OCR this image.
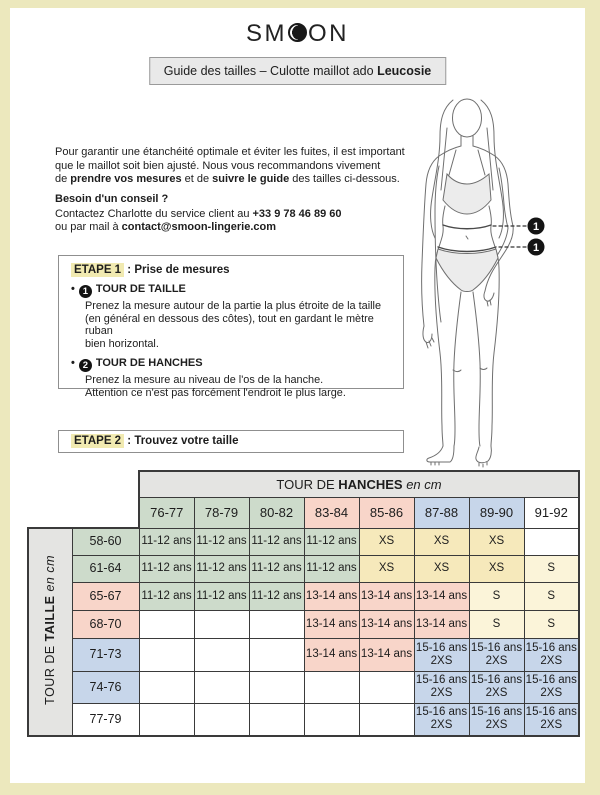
SM ON
Guide des tailles – Culotte maillot ado Leucosie
Pour garantir une étanchéité optimale et éviter les fuites, il est important
que le maillot soit bien ajusté. Nous vous recommandons vivement
de prendre vos mesures et de suivre le guide des tailles ci-dessous.
Besoin d'un conseil ?
Contactez Charlotte du service client au +33 9 78 46 89 60
ou par mail à contact@smoon-lingerie.com	1
1
ETAPE 1 : Prise de mesures
• 1 TOUR DE TAILLE
Prenez la mesure autour de la partie la plus étroite de la taille
(en général en dessous des côtes), tout en gardant le mètre ruban
bien horizontal.
• 2 TOUR DE HANCHES
Prenez la mesure au niveau de l'os de la hanche.
Attention ce n'est pas forcément l'endroit le plus large.
ETAPE 2 : Trouvez votre taille
		TOUR DE HANCHES en cm							
		76-77	78-79	80-82	83-84	85-86	87-88	89-90	91-92
TOUR DE TAILLE en cm	58-60	11-12 ans	11-12 ans	11-12 ans	11-12 ans	XS	XS	XS	
	61-64	11-12 ans	11-12 ans	11-12 ans	11-12 ans	XS	XS	XS	S
	65-67	11-12 ans	11-12 ans	11-12 ans	13-14 ans	13-14 ans	13-14 ans	S	S
	68-70				13-14 ans	13-14 ans	13-14 ans	S	S
	71-73				13-14 ans	13-14 ans	15-16 ans 2XS	15-16 ans 2XS	15-16 ans 2XS
	74-76						15-16 ans 2XS	15-16 ans 2XS	15-16 ans 2XS
	77-79						15-16 ans 2XS	15-16 ans 2XS	15-16 ans 2XS
